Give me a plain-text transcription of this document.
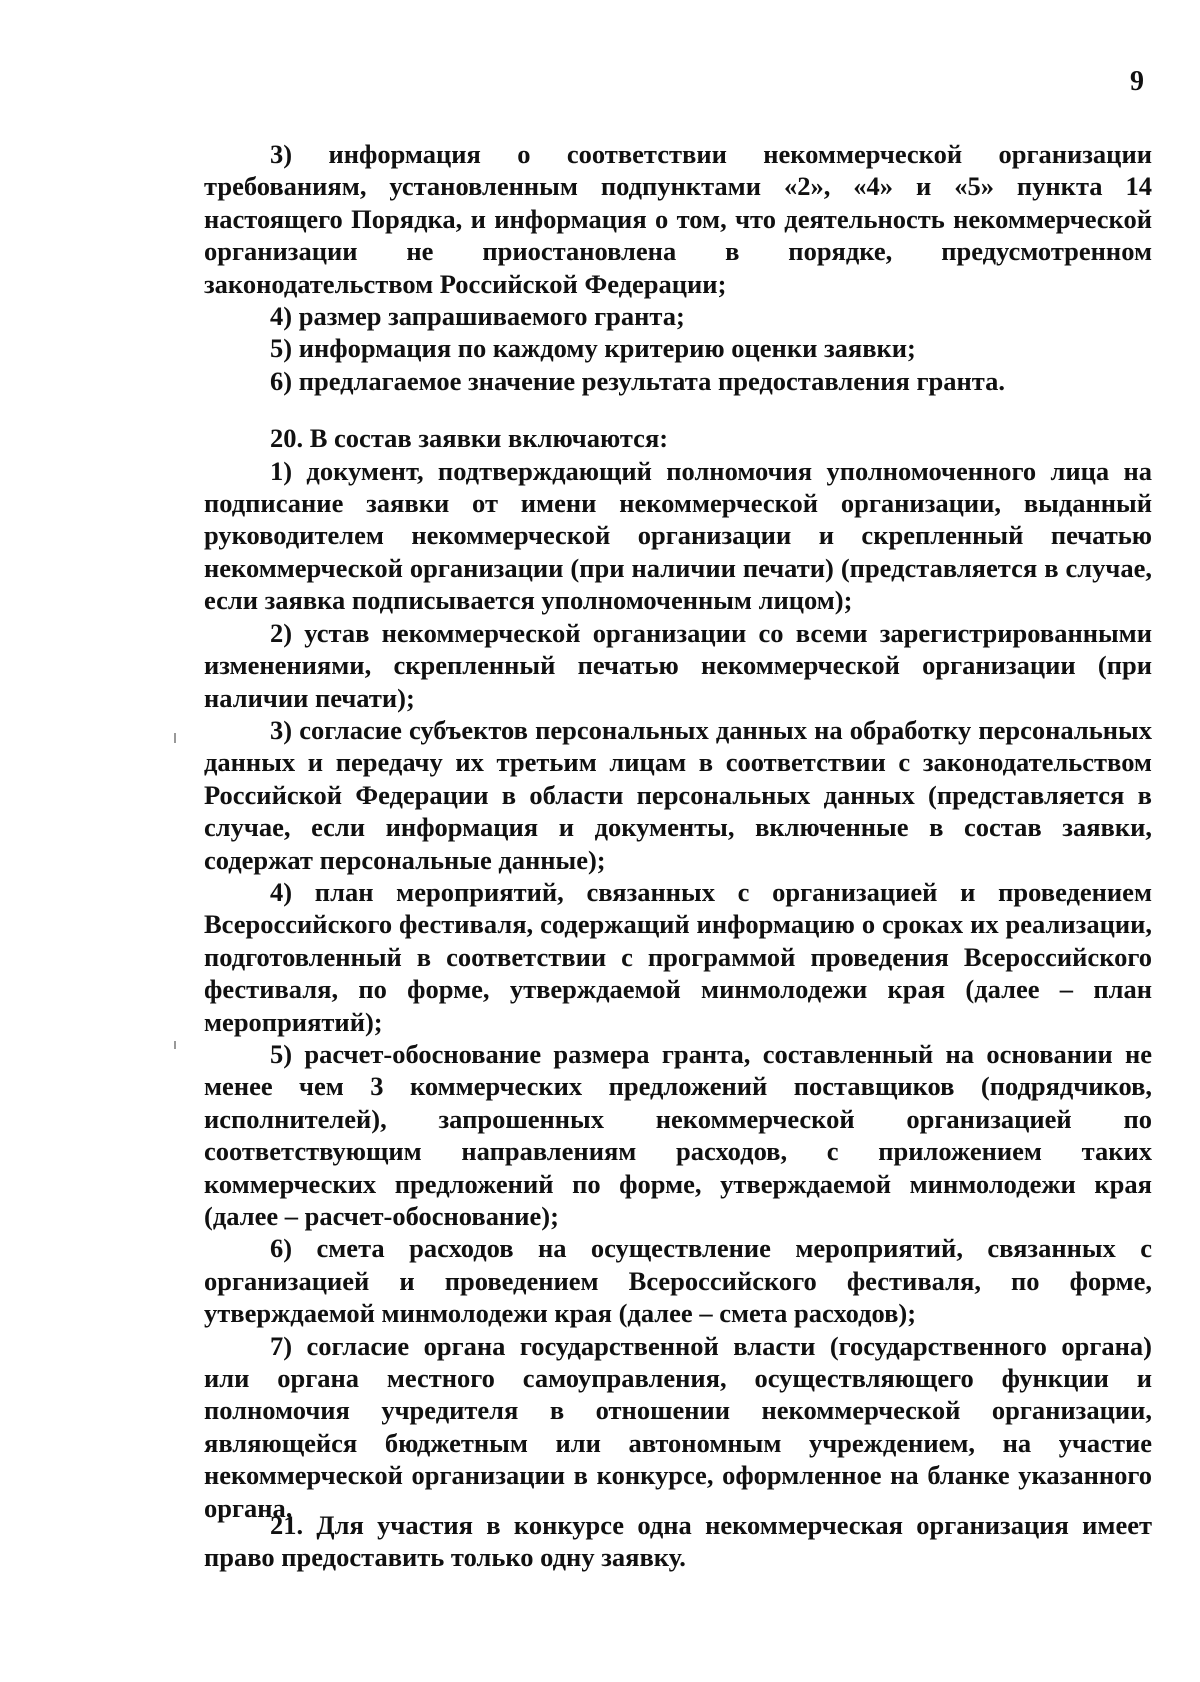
9

3) информация о соответствии некоммерческой организации требованиям, установленным подпунктами «2», «4» и «5» пункта 14 настоящего Порядка, и информация о том, что деятельность некоммерческой организации не приостановлена в порядке, предусмотренном законодательством Российской Федерации;

4) размер запрашиваемого гранта;

5) информация по каждому критерию оценки заявки;

6) предлагаемое значение результата предоставления гранта.

20. В состав заявки включаются:

1) документ, подтверждающий полномочия уполномоченного лица на подписание заявки от имени некоммерческой организации, выданный руководителем некоммерческой организации и скрепленный печатью некоммерческой организации (при наличии печати) (представляется в случае, если заявка подписывается уполномоченным лицом);

2) устав некоммерческой организации со всеми зарегистрированными изменениями, скрепленный печатью некоммерческой организации (при наличии печати);

3) согласие субъектов персональных данных на обработку персональных данных и передачу их третьим лицам в соответствии с законодательством Российской Федерации в области персональных данных (представляется в случае, если информация и документы, включенные в состав заявки, содержат персональные данные);

4) план мероприятий, связанных с организацией и проведением Всероссийского фестиваля, содержащий информацию о сроках их реализации, подготовленный в соответствии с программой проведения Всероссийского фестиваля, по форме, утверждаемой минмолодежи края (далее – план мероприятий);

5) расчет-обоснование размера гранта, составленный на основании не менее чем 3 коммерческих предложений поставщиков (подрядчиков, исполнителей), запрошенных некоммерческой организацией по соответствующим направлениям расходов, с приложением таких коммерческих предложений по форме, утверждаемой минмолодежи края (далее – расчет-обоснование);

6) смета расходов на осуществление мероприятий, связанных с организацией и проведением Всероссийского фестиваля, по форме, утверждаемой минмолодежи края (далее – смета расходов);

7) согласие органа государственной власти (государственного органа) или органа местного самоуправления, осуществляющего функции и полномочия учредителя в отношении некоммерческой организации, являющейся бюджетным или автономным учреждением, на участие некоммерческой организации в конкурсе, оформленное на бланке указанного органа.

21. Для участия в конкурсе одна некоммерческая организация имеет право предоставить только одну заявку.
